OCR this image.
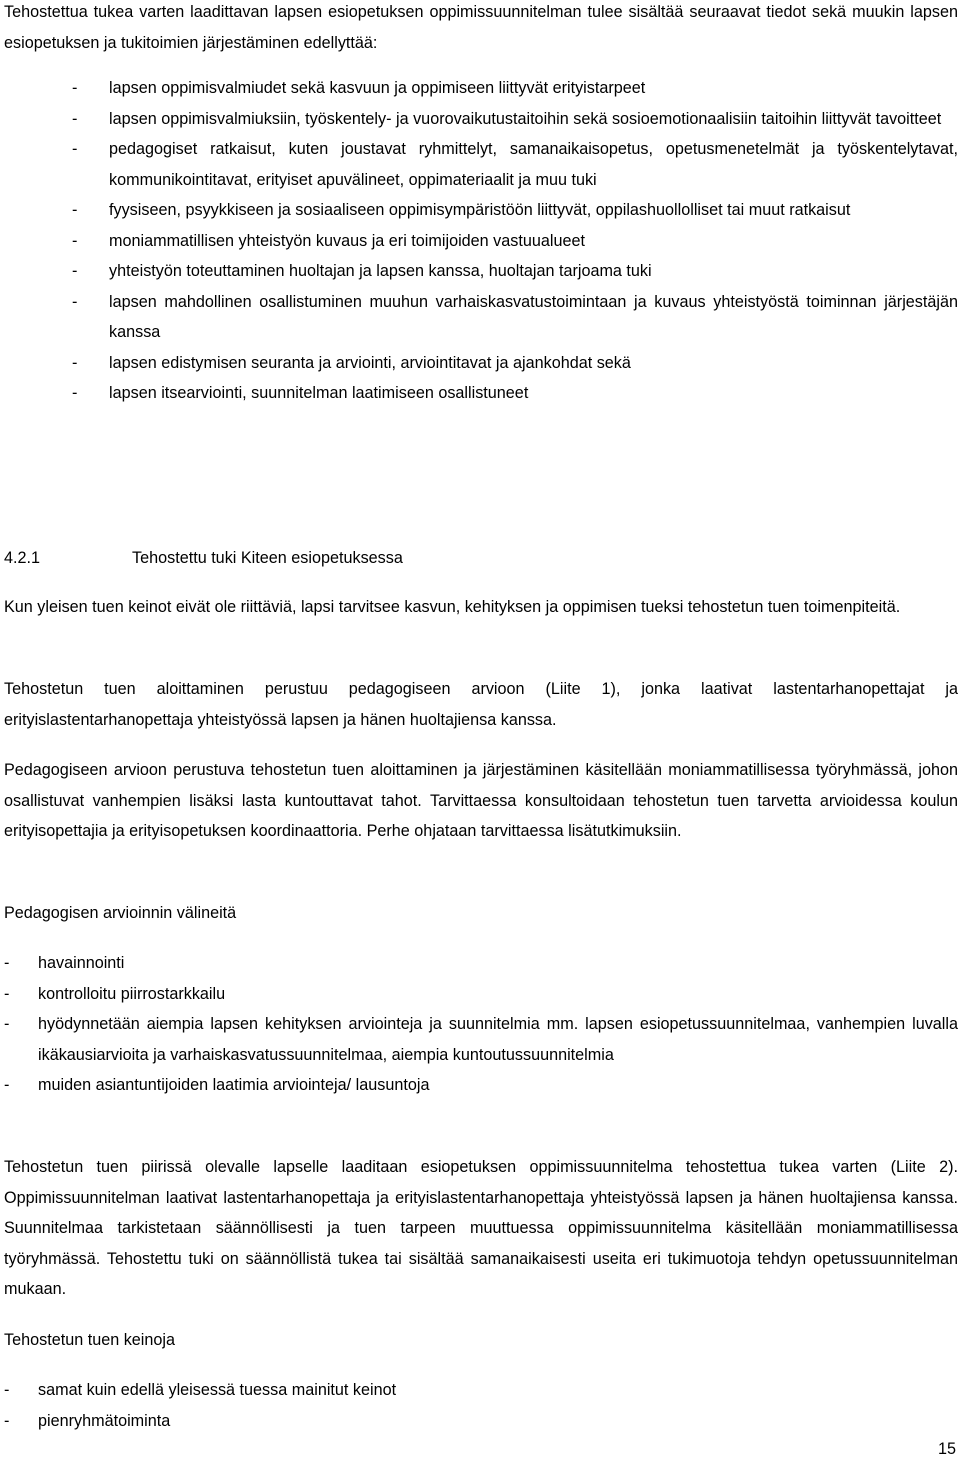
Tehostettua tukea varten laadittavan lapsen esiopetuksen oppimissuunnitelman tulee sisältää seuraavat tiedot sekä muukin lapsen esiopetuksen ja tukitoimien järjestäminen edellyttää:

- lapsen oppimisvalmiudet sekä kasvuun ja oppimiseen liittyvät erityistarpeet
- lapsen oppimisvalmiuksiin, työskentely- ja vuorovaikutustaitoihin sekä sosioemotionaalisiin taitoihin liittyvät tavoitteet
- pedagogiset ratkaisut, kuten joustavat ryhmittelyt, samanaikaisopetus, opetusmenetelmät ja työskentelytavat, kommunikointitavat, erityiset apuvälineet, oppimateriaalit ja muu tuki
- fyysiseen, psyykkiseen ja sosiaaliseen oppimisympäristöön liittyvät, oppilashuollolliset tai muut ratkaisut
- moniammatillisen yhteistyön kuvaus ja eri toimijoiden vastuualueet
- yhteistyön toteuttaminen huoltajan ja lapsen kanssa, huoltajan tarjoama tuki
- lapsen mahdollinen osallistuminen muuhun varhaiskasvatustoimintaan ja kuvaus yhteistyöstä toiminnan järjestäjän kanssa
- lapsen edistymisen seuranta ja arviointi, arviointitavat ja ajankohdat sekä
- lapsen itsearviointi, suunnitelman laatimiseen osallistuneet
4.2.1	Tehostettu tuki Kiteen esiopetuksessa

Kun yleisen tuen keinot eivät ole riittäviä, lapsi tarvitsee kasvun, kehityksen ja oppimisen tueksi tehostetun tuen toimenpiteitä.

Tehostetun tuen aloittaminen perustuu pedagogiseen arvioon (Liite 1), jonka laativat lastentarhanopettajat ja erityislastentarhanopettaja yhteistyössä lapsen ja hänen huoltajiensa kanssa.

Pedagogiseen arvioon perustuva tehostetun tuen aloittaminen ja järjestäminen käsitellään moniammatillisessa työryhmässä, johon osallistuvat vanhempien lisäksi lasta kuntouttavat tahot. Tarvittaessa konsultoidaan tehostetun tuen tarvetta arvioidessa koulun erityisopettajia ja erityisopetuksen koordinaattoria. Perhe ohjataan tarvittaessa lisätutkimuksiin.

Pedagogisen arvioinnin välineitä

- havainnointi
- kontrolloitu piirrostarkkailu
- hyödynnetään aiempia lapsen kehityksen arviointeja ja suunnitelmia mm. lapsen esiopetussuunnitelmaa, vanhempien luvalla ikäkausiarvioita ja varhaiskasvatussuunnitelmaa, aiempia kuntoutussuunnitelmia
- muiden asiantuntijoiden laatimia arviointeja/ lausuntoja

Tehostetun tuen piirissä olevalle lapselle laaditaan esiopetuksen oppimissuunnitelma tehostettua tukea varten (Liite 2). Oppimissuunnitelman laativat lastentarhanopettaja ja erityislastentarhanopettaja yhteistyössä lapsen ja hänen huoltajiensa kanssa. Suunnitelmaa tarkistetaan säännöllisesti ja tuen tarpeen muuttuessa oppimissuunnitelma käsitellään moniammatillisessa työryhmässä. Tehostettu tuki on säännöllistä tukea tai sisältää samanaikaisesti useita eri tukimuotoja tehdyn opetussuunnitelman mukaan.

Tehostetun tuen keinoja

- samat kuin edellä yleisessä tuessa mainitut keinot
- pienryhmätoiminta
15
